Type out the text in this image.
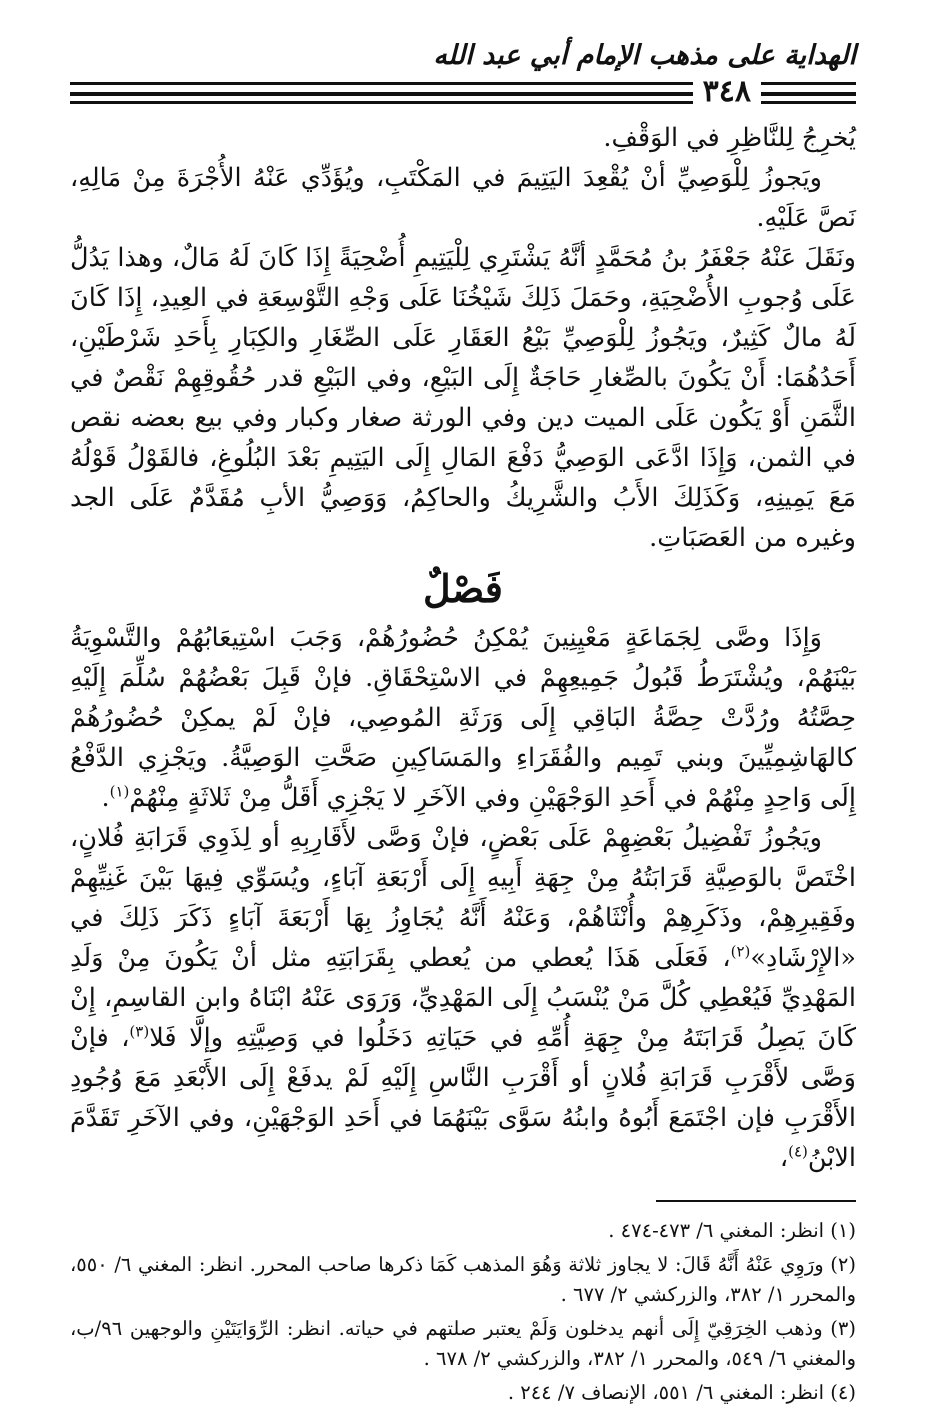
الهداية على مذهب الإمام أبي عبد الله
٣٤٨

يُخرِجُ لِلنَّاظِرِ في الوَقْفِ.

ويَجوزُ لِلْوَصِيِّ أنْ يُقْعِدَ اليَتِيمَ في المَكْتَبِ، ويُؤَدِّي عَنْهُ الأُجْرَةَ مِنْ مَالِهِ، نَصَّ عَلَيْهِ.

ونَقَلَ عَنْهُ جَعْفَرُ بنُ مُحَمَّدٍ أنَّهُ يَشْتَرِي لِلْيَتِيمِ أُضْحِيَةً إِذَا كَانَ لَهُ مَالٌ، وهذا يَدُلُّ عَلَى وُجوبِ الأُضْحِيَةِ، وحَمَلَ ذَلِكَ شَيْخُنَا عَلَى وَجْهِ التَّوْسِعَةِ في العِيدِ، إِذَا كَانَ لَهُ مالٌ كَثِيرٌ، ويَجُوزُ لِلْوَصِيِّ بَيْعُ العَقَارِ عَلَى الصِّغَارِ والكِبَارِ بِأَحَدِ شَرْطَيْنِ، أَحَدُهُمَا: أَنْ يَكُونَ بالصِّغارِ حَاجَةٌ إِلَى البَيْعِ، وفي البَيْعِ قدر حُقُوقِهِمْ نَقْصٌ في الثَّمَنِ أَوْ يَكُون عَلَى الميت دين وفي الورثة صغار وكبار وفي بيع بعضه نقص في الثمن، وَإِذَا ادَّعَى الوَصِيُّ دَفْعَ المَالِ إِلَى اليَتِيمِ بَعْدَ البُلُوغِ، فالقَوْلُ قَوْلُهُ مَعَ يَمِينِهِ، وَكَذَلِكَ الأَبُ والشَّرِيكُ والحاكِمُ، وَوَصِيُّ الأبِ مُقَدَّمٌ عَلَى الجد وغيره من العَصَبَاتِ.

فَصْلٌ

وَإِذَا وصَّى لِجَمَاعَةٍ مَعْيِنِينَ يُمْكِنُ حُضُورُهُمْ، وَجَبَ اسْتِيعَابُهُمْ والتَّسْوِيَةُ بَيْنَهُمْ، ويُشْتَرَطُ قَبُولُ جَمِيعِهِمْ في الاسْتِحْقَاقِ. فإنْ قَبِلَ بَعْضُهُمْ سُلِّمَ إِلَيْهِ حِصَّتُهُ ورُدَّتْ حِصَّةُ البَاقِي إِلَى وَرَثَةِ المُوصِي، فإنْ لَمْ يمكِنْ حُضُورُهُمْ كالهَاشِمِيِّينَ وبني تَمِيم والفُقَرَاءِ والمَسَاكِينِ صَحَّتِ الوَصِيَّةُ. ويَجْزِي الدَّفْعُ إِلَى وَاحِدٍ مِنْهُمْ في أَحَدِ الوَجْهَيْنِ وفي الآخَرِ لا يَجْزِي أَقَلُّ مِنْ ثَلاثَةٍ مِنْهُمْ$^{(١)}$.

ويَجُوزُ تَفْضِيلُ بَعْضِهِمْ عَلَى بَعْضٍ، فإنْ وَصَّى لأَقَارِبِهِ أو لِذَوِي قَرَابَةِ فُلانٍ، اخْتَصَّ بالوَصِيَّةِ قَرَابَتُهُ مِنْ جِهَةِ أَبِيهِ إِلَى أَرْبَعَةِ آبَاءٍ، ويُسَوِّي فِيهَا بَيْنَ غَنِيِّهِمْ وفَقِيرِهِمْ، وذَكَرِهِمْ وأُنْثَاهُمْ، وَعَنْهُ أَنَّهُ يُجَاوِزُ بِهَا أَرْبَعَةَ آبَاءٍ ذَكَرَ ذَلِكَ في «الإِرْشَادِ»$^{(٢)}$، فَعَلَى هَذَا يُعطي من يُعطي بِقَرَابَتِهِ مثل أنْ يَكُونَ مِنْ وَلَدِ المَهْدِيِّ فَيُعْطِي كُلَّ مَنْ يُنْسَبُ إِلَى المَهْدِيِّ، وَرَوَى عَنْهُ ابْنَاهُ وابن القاسِمِ، إِنْ كَانَ يَصِلُ قَرَابَتَهُ مِنْ جِهَةِ أُمِّهِ في حَيَاتِهِ دَخَلُوا في وَصِيَّتِهِ وإلَّا فَلا$^{(٣)}$، فإنْ وَصَّى لأَقْرَبِ قَرَابَةِ فُلانٍ أو أَقْرَبِ النَّاسِ إِلَيْهِ لَمْ يدفَعْ إِلَى الأَبْعَدِ مَعَ وُجُودِ الأَقْرَبِ فإن اجْتَمَعَ أَبُوهُ وابنُهُ سَوَّى بَيْنَهُمَا في أَحَدِ الوَجْهَيْنِ، وفي الآخَرِ تَقَدَّمَ الابْنُ$^{(٤)}$،

(١) انظر: المغني ٦/ ٤٧٣-٤٧٤ .
(٢) ورَوِي عَنْهُ أَنَّهُ قَالَ: لا يجاوز ثلاثة وَهُوَ المذهب كَمَا ذكرها صاحب المحرر. انظر: المغني ٦/ ٥٥٠، والمحرر ١/ ٣٨٢، والزركشي ٢/ ٦٧٧ .
(٣) وذهب الخِرَقِيّ إِلَى أنهم يدخلون وَلَمْ يعتبر صلتهم في حياته. انظر: الرِّوَايَتَيْنِ والوجهين ٩٦/ب، والمغني ٦/ ٥٤٩، والمحرر ١/ ٣٨٢، والزركشي ٢/ ٦٧٨ .
(٤) انظر: المغني ٦/ ٥٥١، الإنصاف ٧/ ٢٤٤ .
